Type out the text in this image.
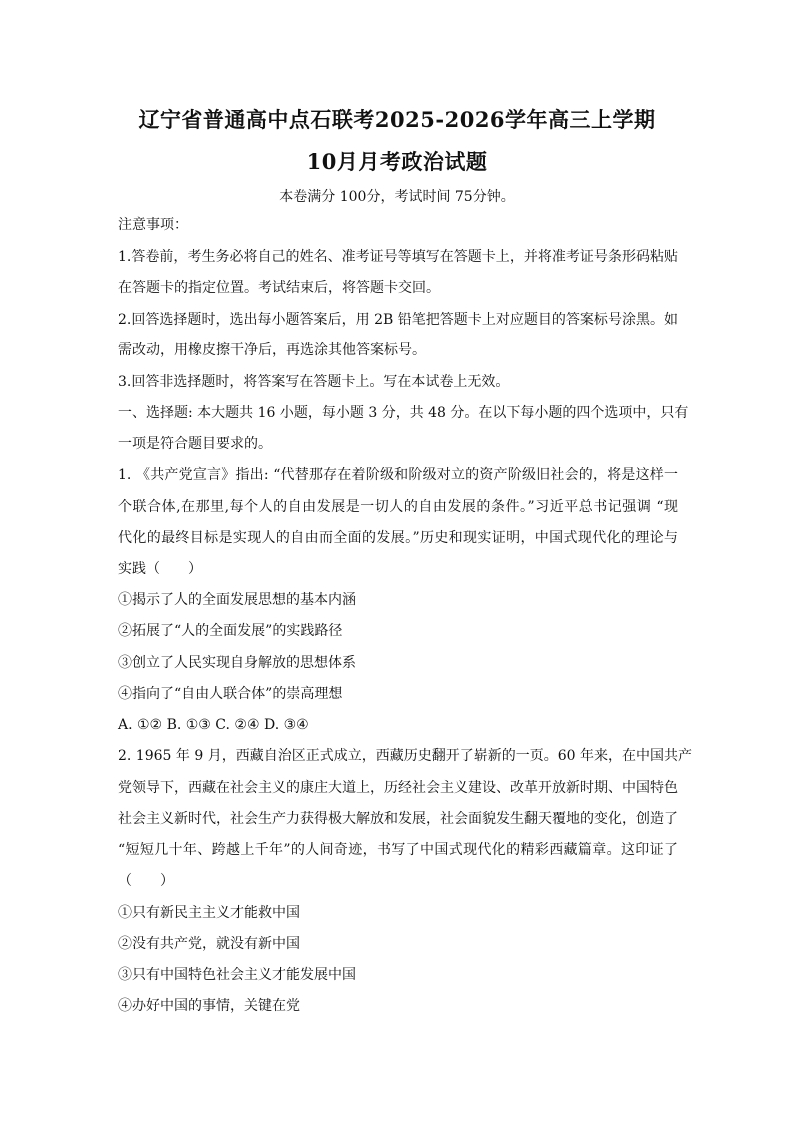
辽宁省普通高中点石联考2025-2026学年高三上学期
10月月考政治试题
本卷满分 100分，考试时间 75分钟。
注意事项：
1.答卷前，考生务必将自己的姓名、准考证号等填写在答题卡上，并将准考证号条形码粘贴
在答题卡的指定位置。考试结束后，将答题卡交回。
2.回答选择题时，选出每小题答案后，用 2B 铅笔把答题卡上对应题目的答案标号涂黑。如
需改动，用橡皮擦干净后，再选涂其他答案标号。
3.回答非选择题时，将答案写在答题卡上。写在本试卷上无效。
一、选择题: 本大题共 16 小题，每小题 3 分，共 48 分。在以下每小题的四个选项中，只有
一项是符合题目要求的。
1. 《共产党宣言》指出: “代替那存在着阶级和阶级对立的资产阶级旧社会的，将是这样一
个联合体,在那里,每个人的自由发展是一切人的自由发展的条件。”习近平总书记强调 “现
代化的最终目标是实现人的自由而全面的发展。”历史和现实证明，中国式现代化的理论与
实践（　　）
①揭示了人的全面发展思想的基本内涵
②拓展了“人的全面发展”的实践路径
③创立了人民实现自身解放的思想体系
④指向了“自由人联合体”的崇高理想
A. ①② B. ①③ C. ②④ D. ③④
2. 1965 年 9 月，西藏自治区正式成立，西藏历史翻开了崭新的一页。60 年来，在中国共产
党领导下，西藏在社会主义的康庄大道上，历经社会主义建设、改革开放新时期、中国特色
社会主义新时代，社会生产力获得极大解放和发展，社会面貌发生翻天覆地的变化，创造了
“短短几十年、跨越上千年”的人间奇迹，书写了中国式现代化的精彩西藏篇章。这印证了
（　　）
①只有新民主主义才能救中国
②没有共产党，就没有新中国
③只有中国特色社会主义才能发展中国
④办好中国的事情，关键在党
